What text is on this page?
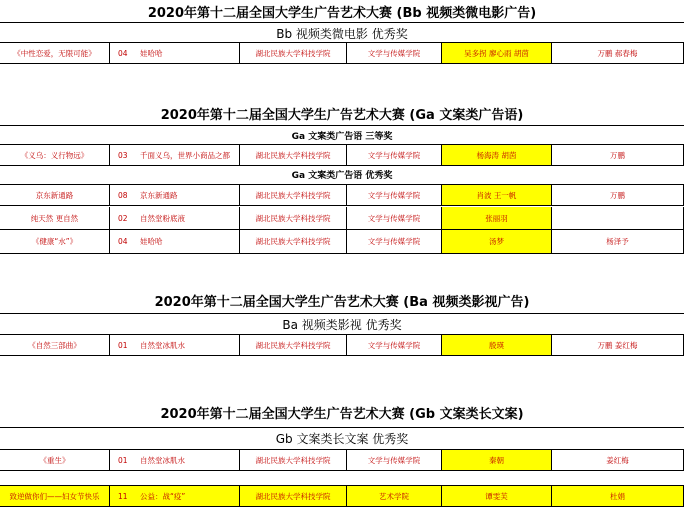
2020年第十二届全国大学生广告艺术大赛 (Bb 视频类微电影广告)
Bb 视频类微电影 优秀奖
《中性恋爱，无限可能》	04	娃哈哈	湖北民族大学科技学院	文学与传媒学院	吴多拐 廖心雨 胡茵	万鹏 郝春梅
2020年第十二届全国大学生广告艺术大赛 (Ga 文案类广告语)
Ga 文案类广告语 三等奖
《义乌：义行物远》	03	千面义乌，世界小商品之都	湖北民族大学科技学院	文学与传媒学院	杨海涛 胡茵	万鹏
Ga 文案类广告语 优秀奖
京东新通路	08	京东新通路	湖北民族大学科技学院	文学与传媒学院	肖波 王一帆	万鹏
纯天然 更自然	02	自然堂粉底液	湖北民族大学科技学院	文学与传媒学院	张丽羽
《健康“水”》	04	娃哈哈	湖北民族大学科技学院	文学与传媒学院	汤梦	杨泽予
2020年第十二届全国大学生广告艺术大赛 (Ba 视频类影视广告)
Ba 视频类影视 优秀奖
《自然三部曲》	01	自然堂冰肌水	湖北民族大学科技学院	文学与传媒学院	殷瑛	万鹏 姜红梅
2020年第十二届全国大学生广告艺术大赛 (Gb 文案类长文案)
Gb 文案类长文案 优秀奖
《重生》	01	自然堂冰肌水	湖北民族大学科技学院	文学与传媒学院	秦朝	姜红梅
致逆做你们——妇女节快乐	11	公益：战“疫”	湖北民族大学科技学院	艺术学院	谭雯芙	杜娟
